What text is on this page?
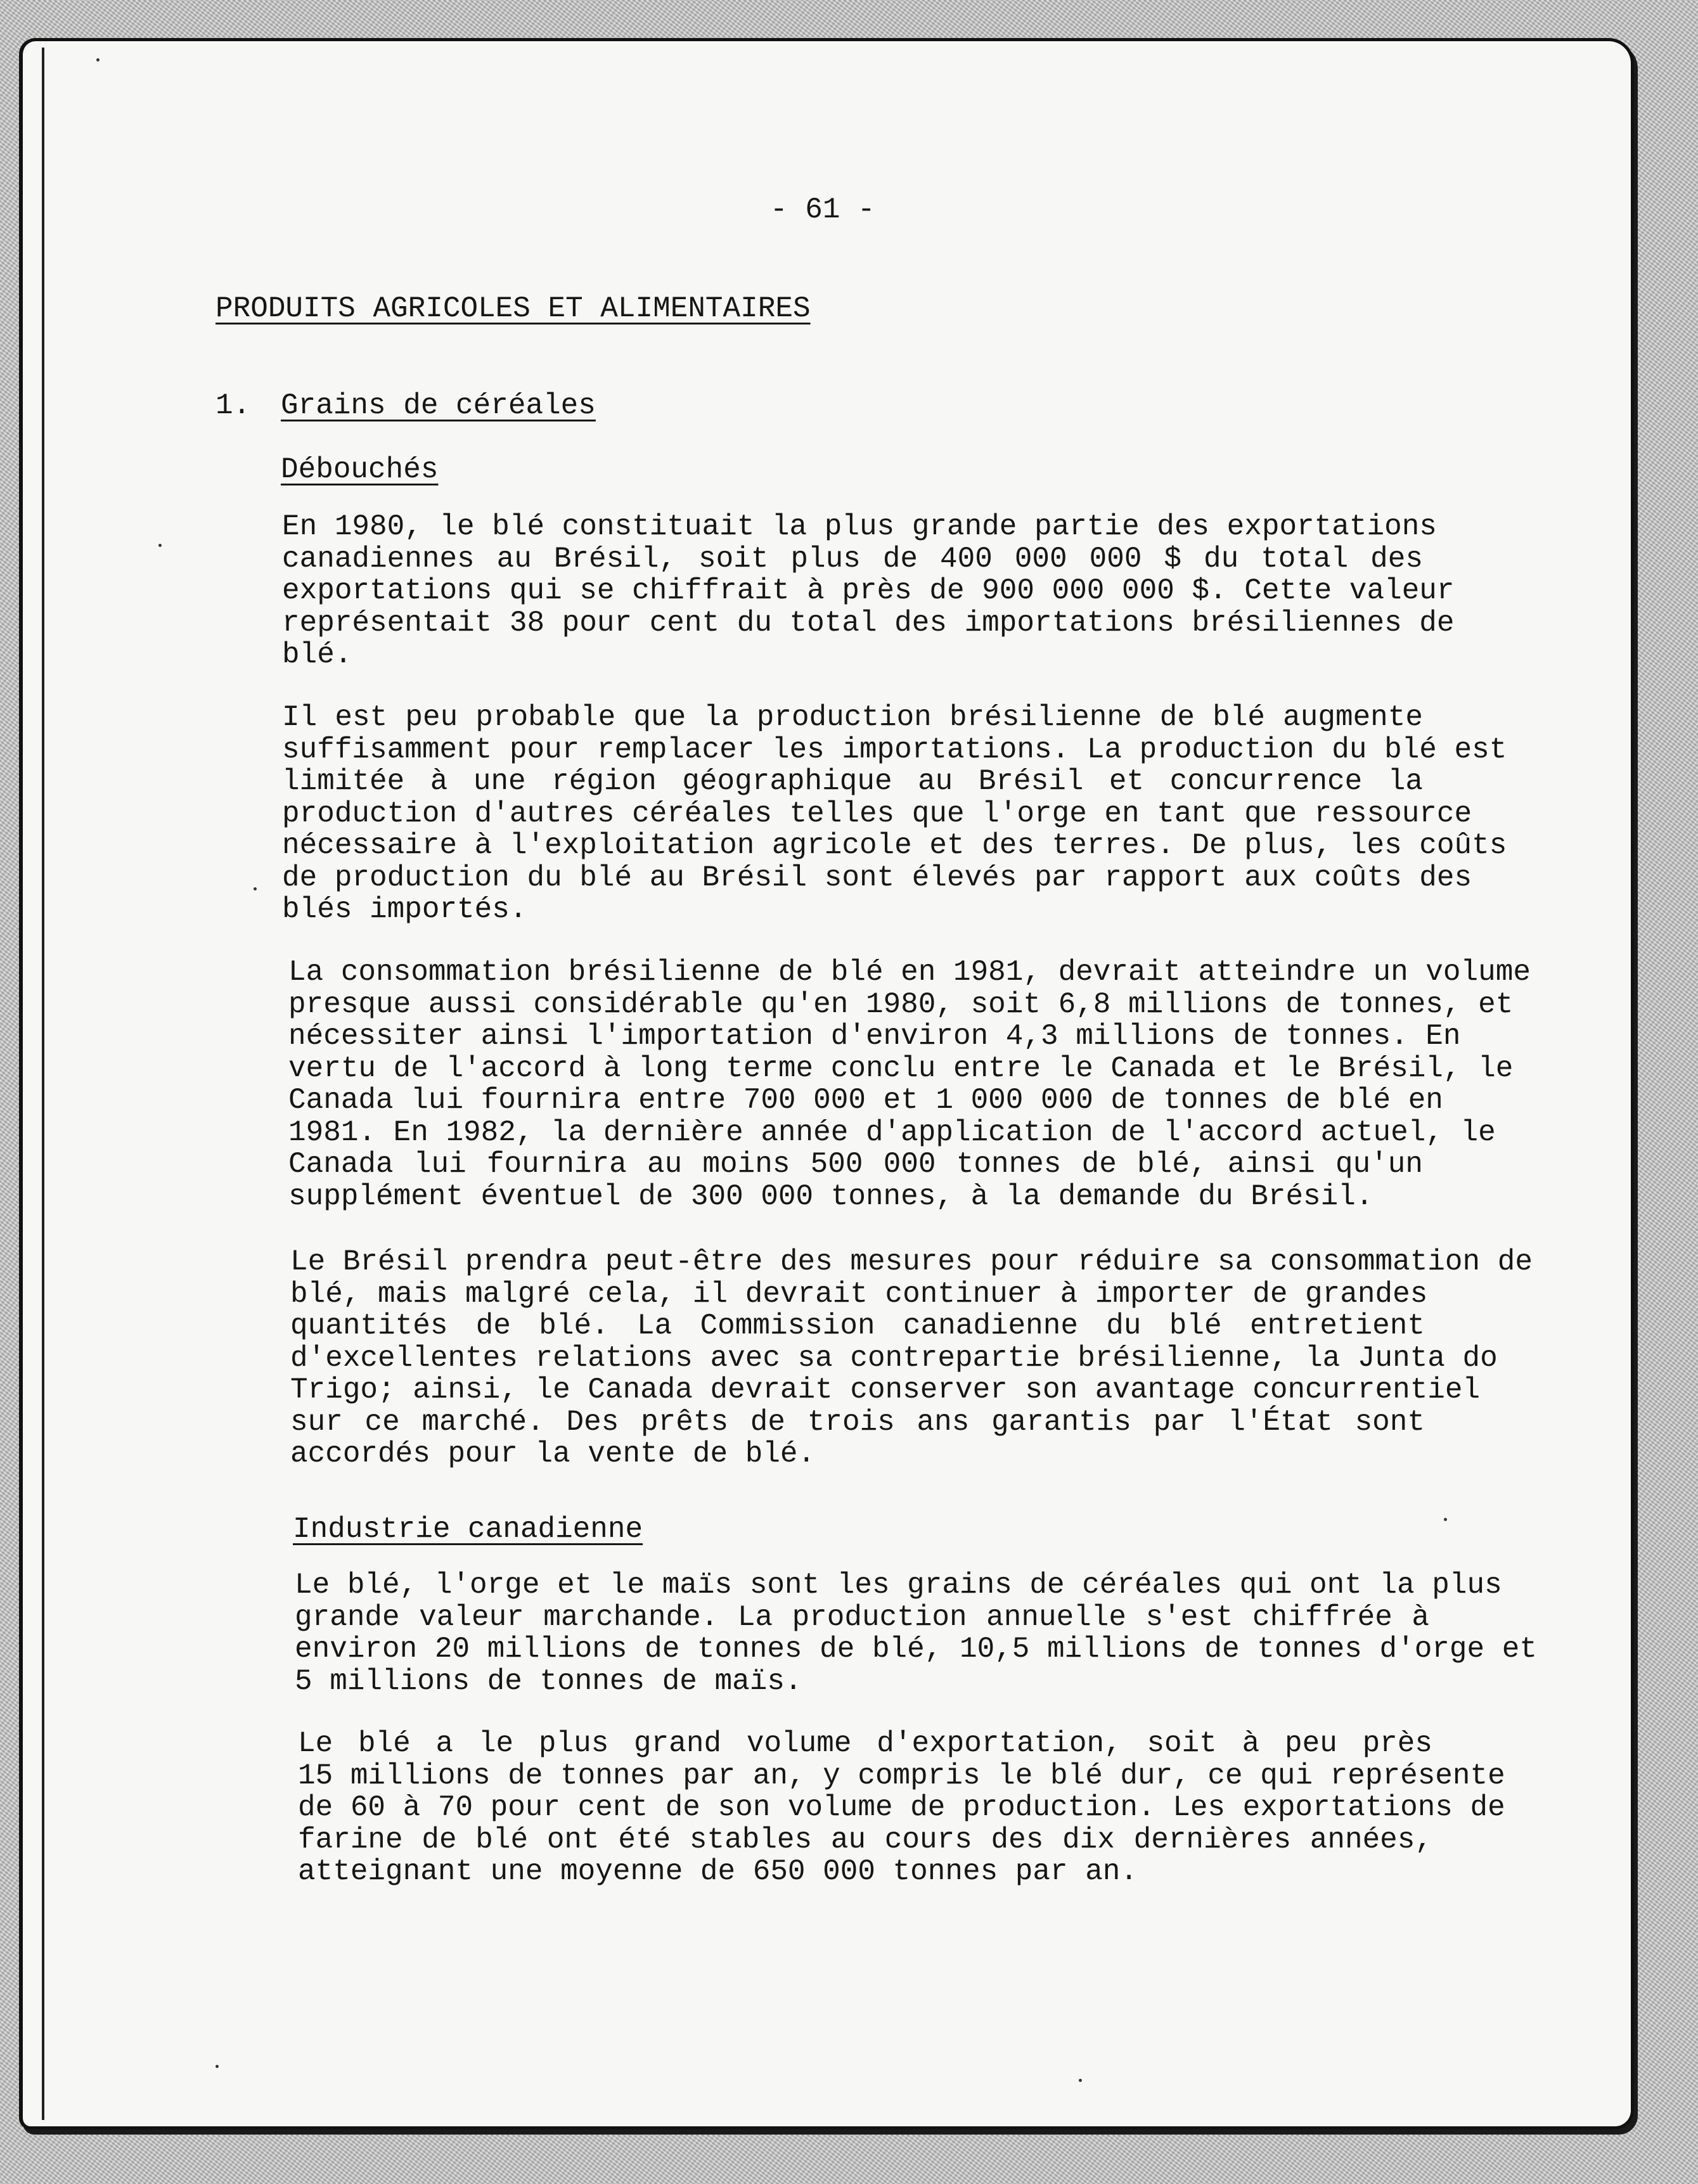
- 61 -
PRODUITS AGRICOLES ET ALIMENTAIRES
1. Grains de céréales
Débouchés
En 1980, le blé constituait la plus grande partie des exportations
canadiennes au Brésil, soit plus de 400 000 000 $ du total des
exportations qui se chiffrait à près de 900 000 000 $. Cette valeur
représentait 38 pour cent du total des importations brésiliennes de
blé.
Il est peu probable que la production brésilienne de blé augmente
suffisamment pour remplacer les importations. La production du blé est
limitée à une région géographique au Brésil et concurrence la
production d'autres céréales telles que l'orge en tant que ressource
nécessaire à l'exploitation agricole et des terres. De plus, les coûts
de production du blé au Brésil sont élevés par rapport aux coûts des
blés importés.
La consommation brésilienne de blé en 1981, devrait atteindre un volume
presque aussi considérable qu'en 1980, soit 6,8 millions de tonnes, et
nécessiter ainsi l'importation d'environ 4,3 millions de tonnes. En
vertu de l'accord à long terme conclu entre le Canada et le Brésil, le
Canada lui fournira entre 700 000 et 1 000 000 de tonnes de blé en
1981. En 1982, la dernière année d'application de l'accord actuel, le
Canada lui fournira au moins 500 000 tonnes de blé, ainsi qu'un
supplément éventuel de 300 000 tonnes, à la demande du Brésil.
Le Brésil prendra peut-être des mesures pour réduire sa consommation de
blé, mais malgré cela, il devrait continuer à importer de grandes
quantités de blé. La Commission canadienne du blé entretient
d'excellentes relations avec sa contrepartie brésilienne, la Junta do
Trigo; ainsi, le Canada devrait conserver son avantage concurrentiel
sur ce marché. Des prêts de trois ans garantis par l'État sont
accordés pour la vente de blé.
Industrie canadienne
Le blé, l'orge et le maïs sont les grains de céréales qui ont la plus
grande valeur marchande. La production annuelle s'est chiffrée à
environ 20 millions de tonnes de blé, 10,5 millions de tonnes d'orge et
5 millions de tonnes de maïs.
Le blé a le plus grand volume d'exportation, soit à peu près
15 millions de tonnes par an, y compris le blé dur, ce qui représente
de 60 à 70 pour cent de son volume de production. Les exportations de
farine de blé ont été stables au cours des dix dernières années,
atteignant une moyenne de 650 000 tonnes par an.
